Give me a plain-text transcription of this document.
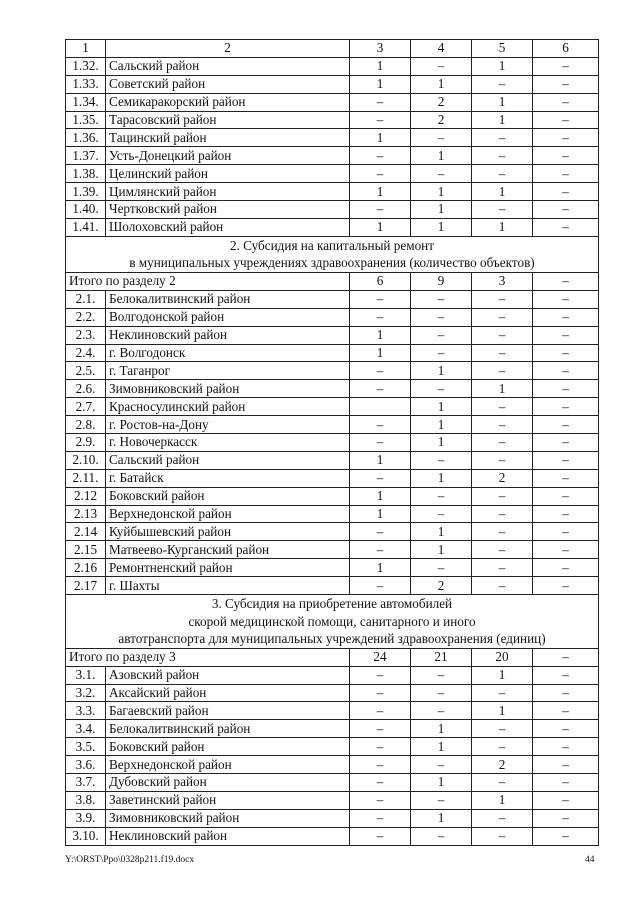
1	2	3	4	5	6
1.32.	Сальский район	1	–	1	–
1.33.	Советский район	1	1	–	–
1.34.	Семикаракорский район	–	2	1	–
1.35.	Тарасовский район	–	2	1	–
1.36.	Тацинский район	1	–	–	–
1.37.	Усть-Донецкий район	–	1	–	–
1.38.	Целинский район	–	–	–	–
1.39.	Цимлянский район	1	1	1	–
1.40.	Чертковский район	–	1	–	–
1.41.	Шолоховский район	1	1	1	–

2. Субсидия на капитальный ремонт
в муниципальных учреждениях здравоохранения (количество объектов)					

Итого по разделу 2		6	9	3	–
2.1.	Белокалитвинский район	–	–	–	–
2.2.	Волгодонской район	–	–	–	–
2.3.	Неклиновский район	1	–	–	–
2.4.	г. Волгодонск	1	–	–	–
2.5.	г. Таганрог	–	1	–	–
2.6.	Зимовниковский район	–	–	1	–
2.7.	Красносулинский район		1	–	–
2.8.	г. Ростов-на-Дону	–	1	–	–
2.9.	г. Новочеркасск	–	1	–	–
2.10.	Сальский район	1	–	–	–
2.11.	г. Батайск	–	1	2	–
2.12	Боковский район	1	–	–	–
2.13	Верхнедонской район	1	–	–	–
2.14	Куйбышевский район	–	1	–	–
2.15	Матвеево-Курганский район	–	1	–	–
2.16	Ремонтненский район	1	–	–	–
2.17	г. Шахты	–	2	–	–

3. Субсидия на приобретение автомобилей
скорой медицинской помощи, санитарного и иного
автотранспорта для муниципальных учреждений здравоохранения (единиц)					

Итого по разделу 3		24	21	20	–
3.1.	Азовский район	–	–	1	–
3.2.	Аксайский район	–	–	–	–
3.3.	Багаевский район	–	–	1	–
3.4.	Белокалитвинский район	–	1	–	–
3.5.	Боковский район	–	1	–	–
3.6.	Верхнедонской район	–	–	2	–
3.7.	Дубовский район	–	1	–	–
3.8.	Заветинский район	–	–	1	–
3.9.	Зимовниковский район	–	1	–	–
3.10.	Неклиновский район	–	–	–	–
Y:\ORST\Ppo\0328p211.f19.docx	44
